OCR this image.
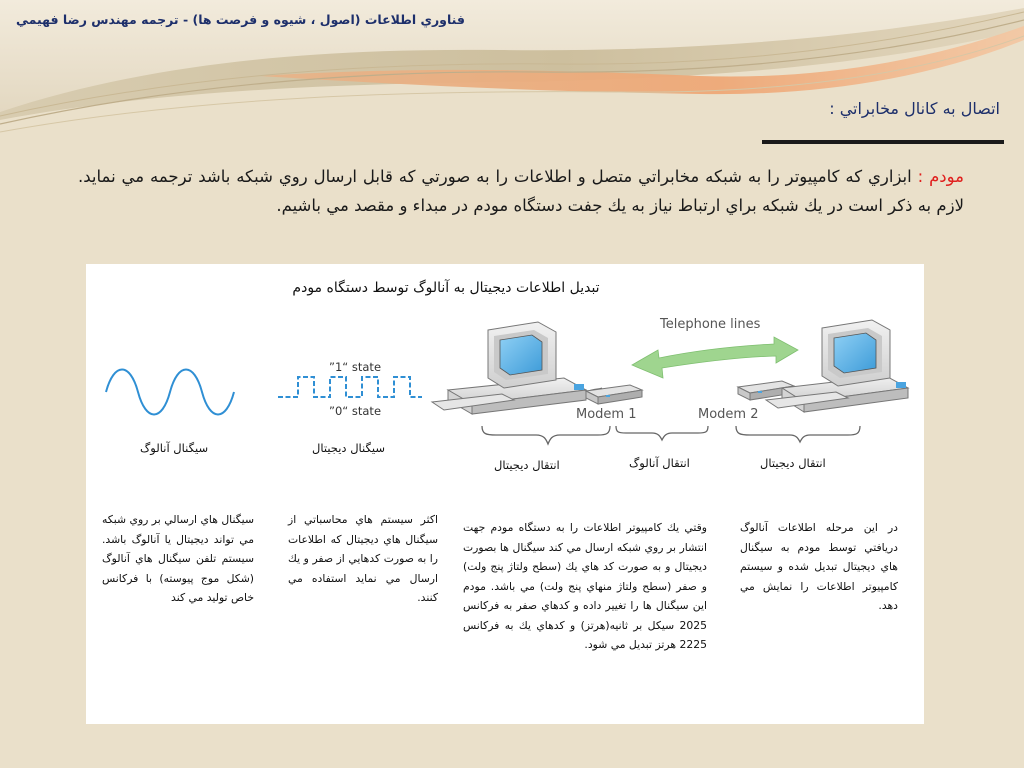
فناوري اطلاعات (اصول ، شيوه و فرصت ها) - ترجمه مهندس رضا فهيمي
اتصال به كانال مخابراتي :
مودم : ابزاري كه كامپيوتر را به شبكه مخابراتي متصل و اطلاعات را به صورتي كه قابل ارسال روي شبكه باشد ترجمه مي نمايد. لازم به ذكر است در يك شبكه براي ارتباط نياز به يك جفت دستگاه مودم در مبداء و مقصد مي باشيم.
”1“ state
”0“ state	Modem 1
Telephone lines
Modem 2
تبديل اطلاعات ديجيتال به آنالوگ توسط دستگاه مودم
سيگنال آنالوگ	سيگنال ديجيتال
انتقال ديجيتال	انتقال آنالوگ	انتقال ديجيتال
سيگنال هاي ارسالي بر روي شبكه مي تواند ديجيتال يا آنالوگ باشد. سيستم تلفن سيگنال هاي آنالوگ (شكل موج پيوسته) با فركانس خاص توليد مي كند
اكثر سيستم هاي محاسباتي از سيگنال هاي ديجيتال كه اطلاعات را به صورت كدهايي از صفر و يك ارسال مي نمايد استفاده مي كنند.
وقتي يك كامپيوتر اطلاعات را به دستگاه مودم جهت انتشار بر روي شبكه ارسال مي كند سيگنال ها بصورت ديجيتال و به صورت كد هاي يك (سطح ولتاژ پنج ولت) و صفر (سطح ولتاژ منهاي پنج ولت) مي باشد. مودم اين سيگنال ها را تغيير داده و كدهاي صفر به فركانس 2025 سيكل بر ثانيه(هرتز) و كدهاي يك به فركانس 2225 هرتز تبديل مي شود.
در اين مرحله اطلاعات آنالوگ دريافتي توسط مودم به سيگنال هاي ديجيتال تبديل شده و سيستم كامپيوتر اطلاعات را نمايش مي دهد.
